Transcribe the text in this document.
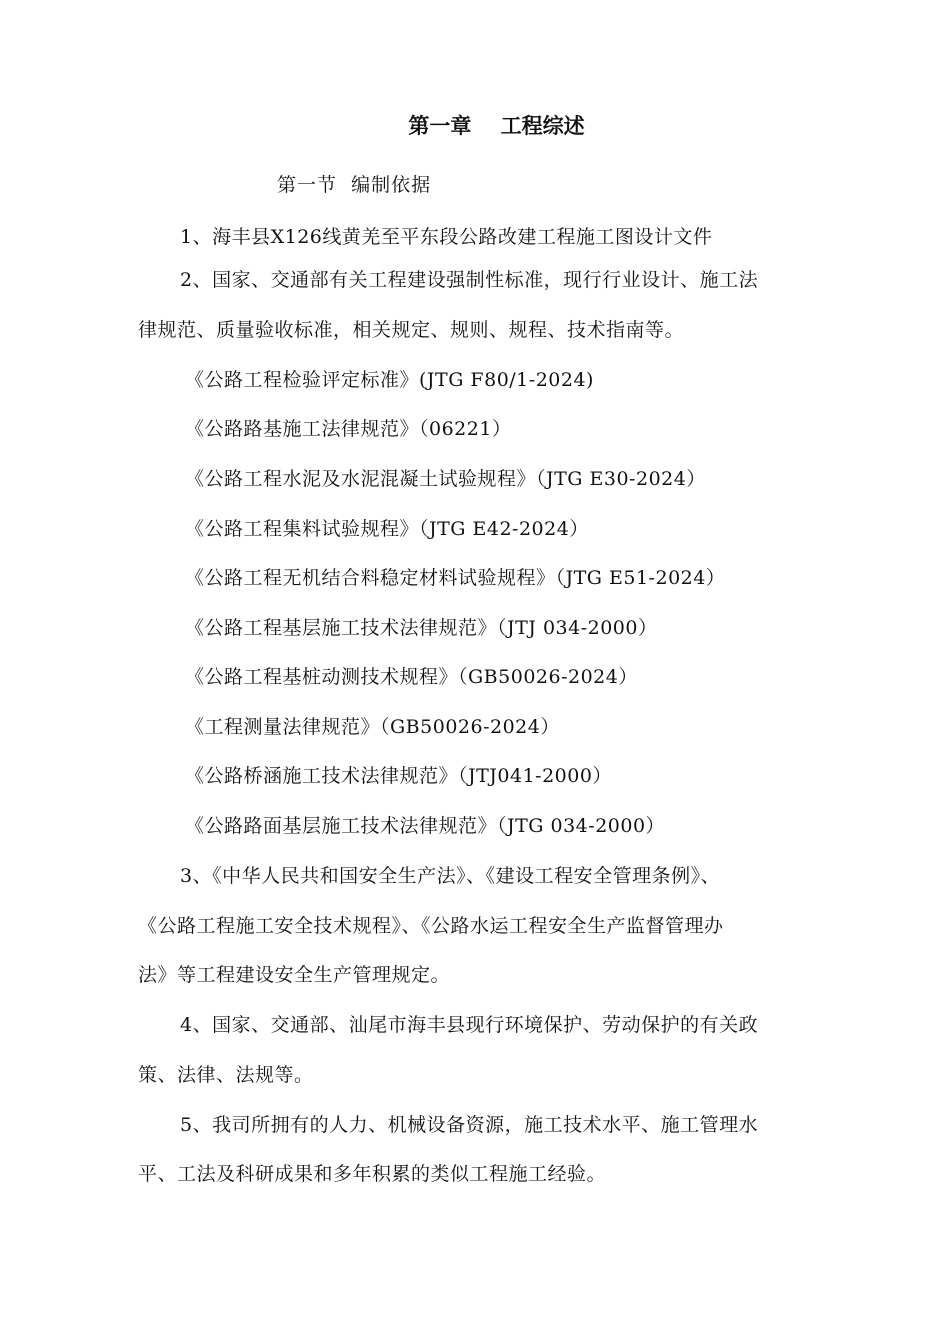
第一章    工程综述
第一节  编制依据
1、海丰县X126线黄羌至平东段公路改建工程施工图设计文件
2、国家、交通部有关工程建设强制性标准，现行行业设计、施工法
律规范、质量验收标准，相关规定、规则、规程、技术指南等。
《公路工程检验评定标准》(JTG F80/1-2024)
《公路路基施工法律规范》（06221）
《公路工程水泥及水泥混凝土试验规程》（JTG E30-2024）
《公路工程集料试验规程》（JTG E42-2024）
《公路工程无机结合料稳定材料试验规程》（JTG E51-2024）
《公路工程基层施工技术法律规范》（JTJ 034-2000）
《公路工程基桩动测技术规程》（GB50026-2024）
《工程测量法律规范》（GB50026-2024）
《公路桥涵施工技术法律规范》（JTJ041-2000）
《公路路面基层施工技术法律规范》（JTG 034-2000）
3、《中华人民共和国安全生产法》、《建设工程安全管理条例》、
《公路工程施工安全技术规程》、《公路水运工程安全生产监督管理办
法》等工程建设安全生产管理规定。
4、国家、交通部、汕尾市海丰县现行环境保护、劳动保护的有关政
策、法律、法规等。
5、我司所拥有的人力、机械设备资源，施工技术水平、施工管理水
平、工法及科研成果和多年积累的类似工程施工经验。
